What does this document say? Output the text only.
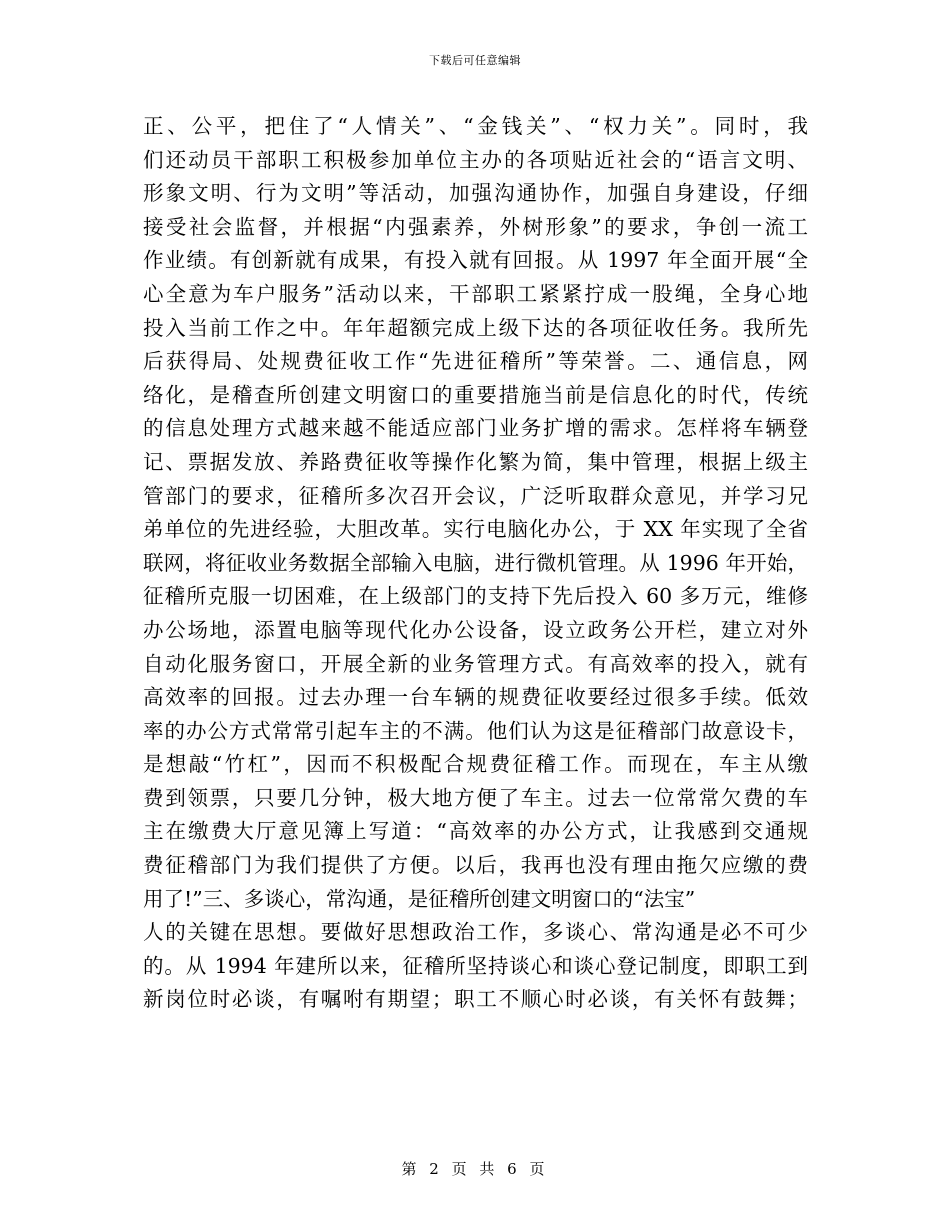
下载后可任意编辑
正、公平，把住了“人情关”、“金钱关”、“权力关”。同时，我
们还动员干部职工积极参加单位主办的各项贴近社会的“语言文明、
形象文明、行为文明”等活动，加强沟通协作，加强自身建设，仔细
接受社会监督，并根据“内强素养，外树形象”的要求，争创一流工
作业绩。有创新就有成果，有投入就有回报。从 1997 年全面开展“全
心全意为车户服务”活动以来，干部职工紧紧拧成一股绳，全身心地
投入当前工作之中。年年超额完成上级下达的各项征收任务。我所先
后获得局、处规费征收工作“先进征稽所”等荣誉。二、通信息，网
络化，是稽查所创建文明窗口的重要措施当前是信息化的时代，传统
的信息处理方式越来越不能适应部门业务扩增的需求。怎样将车辆登
记、票据发放、养路费征收等操作化繁为简，集中管理，根据上级主
管部门的要求，征稽所多次召开会议，广泛听取群众意见，并学习兄
弟单位的先进经验，大胆改革。实行电脑化办公，于 XX 年实现了全省
联网，将征收业务数据全部输入电脑，进行微机管理。从 1996 年开始，
征稽所克服一切困难，在上级部门的支持下先后投入 60 多万元，维修
办公场地，添置电脑等现代化办公设备，设立政务公开栏，建立对外
自动化服务窗口，开展全新的业务管理方式。有高效率的投入，就有
高效率的回报。过去办理一台车辆的规费征收要经过很多手续。低效
率的办公方式常常引起车主的不满。他们认为这是征稽部门故意设卡，
是想敲“竹杠”，因而不积极配合规费征稽工作。而现在，车主从缴
费到领票，只要几分钟，极大地方便了车主。过去一位常常欠费的车
主在缴费大厅意见簿上写道：“高效率的办公方式，让我感到交通规
费征稽部门为我们提供了方便。以后，我再也没有理由拖欠应缴的费
用了!”三、多谈心，常沟通，是征稽所创建文明窗口的“法宝”
人的关键在思想。要做好思想政治工作，多谈心、常沟通是必不可少
的。从 1994 年建所以来，征稽所坚持谈心和谈心登记制度，即职工到
新岗位时必谈，有嘱咐有期望；职工不顺心时必谈，有关怀有鼓舞；
第 2 页 共 6 页
